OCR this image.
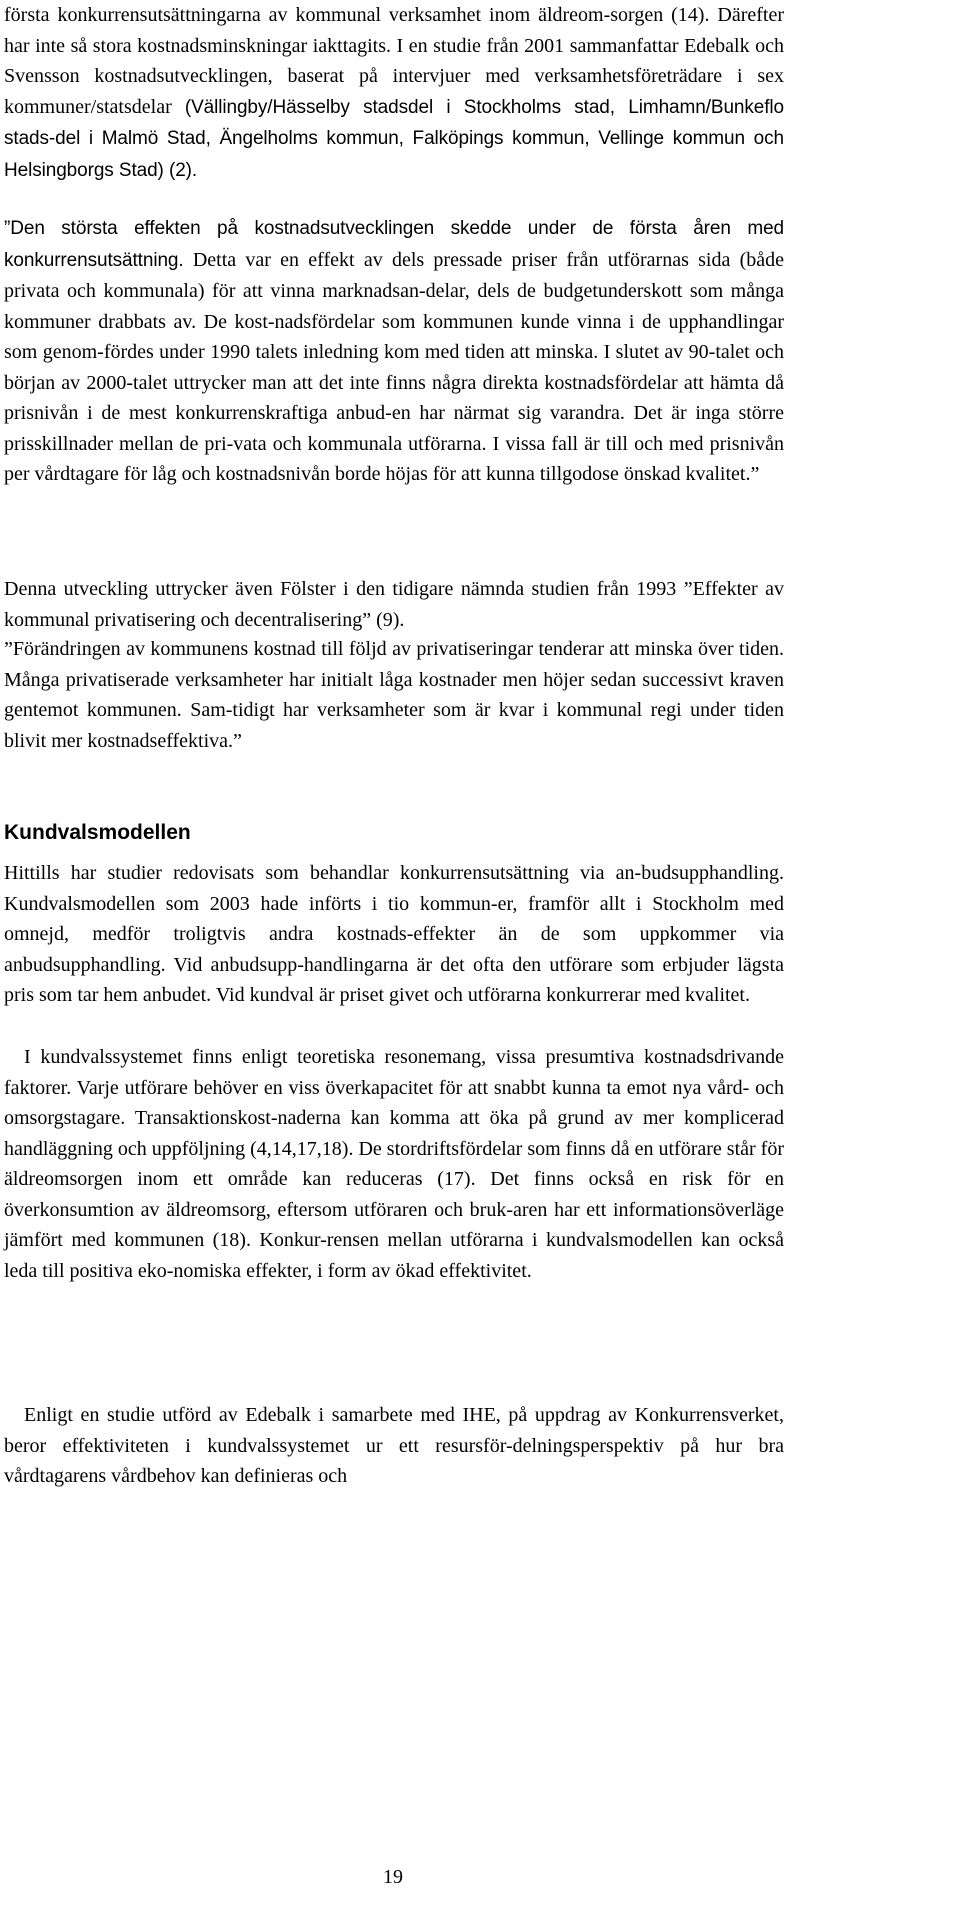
första konkurrensutsättningarna av kommunal verksamhet inom äldreom-sorgen (14). Därefter har inte så stora kostnadsminskningar iakttagits. I en studie från 2001 sammanfattar Edebalk och Svensson kostnadsutvecklingen, baserat på intervjuer med verksamhetsföreträdare i sex kommuner/statsdelar (Vällingby/Hässelby stadsdel i Stockholms stad, Limhamn/Bunkeflo stads-del i Malmö Stad, Ängelholms kommun, Falköpings kommun, Vellinge kommun och Helsingborgs Stad) (2).

”Den största effekten på kostnadsutvecklingen skedde under de första åren med konkurrensutsättning. Detta var en effekt av dels pressade priser från utförarnas sida (både privata och kommunala) för att vinna marknadsan-delar, dels de budgetunderskott som många kommuner drabbats av. De kost-nadsfördelar som kommunen kunde vinna i de upphandlingar som genom-fördes under 1990 talets inledning kom med tiden att minska. I slutet av 90-talet och början av 2000-talet uttrycker man att det inte finns några direkta kostnadsfördelar att hämta då prisnivån i de mest konkurrenskraftiga anbud-en har närmat sig varandra. Det är inga större prisskillnader mellan de pri-vata och kommunala utförarna. I vissa fall är till och med prisnivån per vårdtagare för låg och kostnadsnivån borde höjas för att kunna tillgodose önskad kvalitet.”

Denna utveckling uttrycker även Fölster i den tidigare nämnda studien från 1993 ”Effekter av kommunal privatisering och decentralisering” (9).

”Förändringen av kommunens kostnad till följd av privatiseringar tenderar att minska över tiden. Många privatiserade verksamheter har initialt låga kostnader men höjer sedan successivt kraven gentemot kommunen. Sam-tidigt har verksamheter som är kvar i kommunal regi under tiden blivit mer kostnadseffektiva.”

Kundvalsmodellen

Hittills har studier redovisats som behandlar konkurrensutsättning via an-budsupphandling. Kundvalsmodellen som 2003 hade införts i tio kommun-er, framför allt i Stockholm med omnejd, medför troligtvis andra kostnads-effekter än de som uppkommer via anbudsupphandling. Vid anbudsupp-handlingarna är det ofta den utförare som erbjuder lägsta pris som tar hem anbudet. Vid kundval är priset givet och utförarna konkurrerar med kvalitet.

I kundvalssystemet finns enligt teoretiska resonemang, vissa presumtiva kostnadsdrivande faktorer. Varje utförare behöver en viss överkapacitet för att snabbt kunna ta emot nya vård- och omsorgstagare. Transaktionskost-naderna kan komma att öka på grund av mer komplicerad handläggning och uppföljning (4,14,17,18). De stordriftsfördelar som finns då en utförare står för äldreomsorgen inom ett område kan reduceras (17). Det finns också en risk för en överkonsumtion av äldreomsorg, eftersom utföraren och bruk-aren har ett informationsöverläge jämfört med kommunen (18). Konkur-rensen mellan utförarna i kundvalsmodellen kan också leda till positiva eko-nomiska effekter, i form av ökad effektivitet.

Enligt en studie utförd av Edebalk i samarbete med IHE, på uppdrag av Konkurrensverket, beror effektiviteten i kundvalssystemet ur ett resursför-delningsperspektiv på hur bra vårdtagarens vårdbehov kan definieras och

19
